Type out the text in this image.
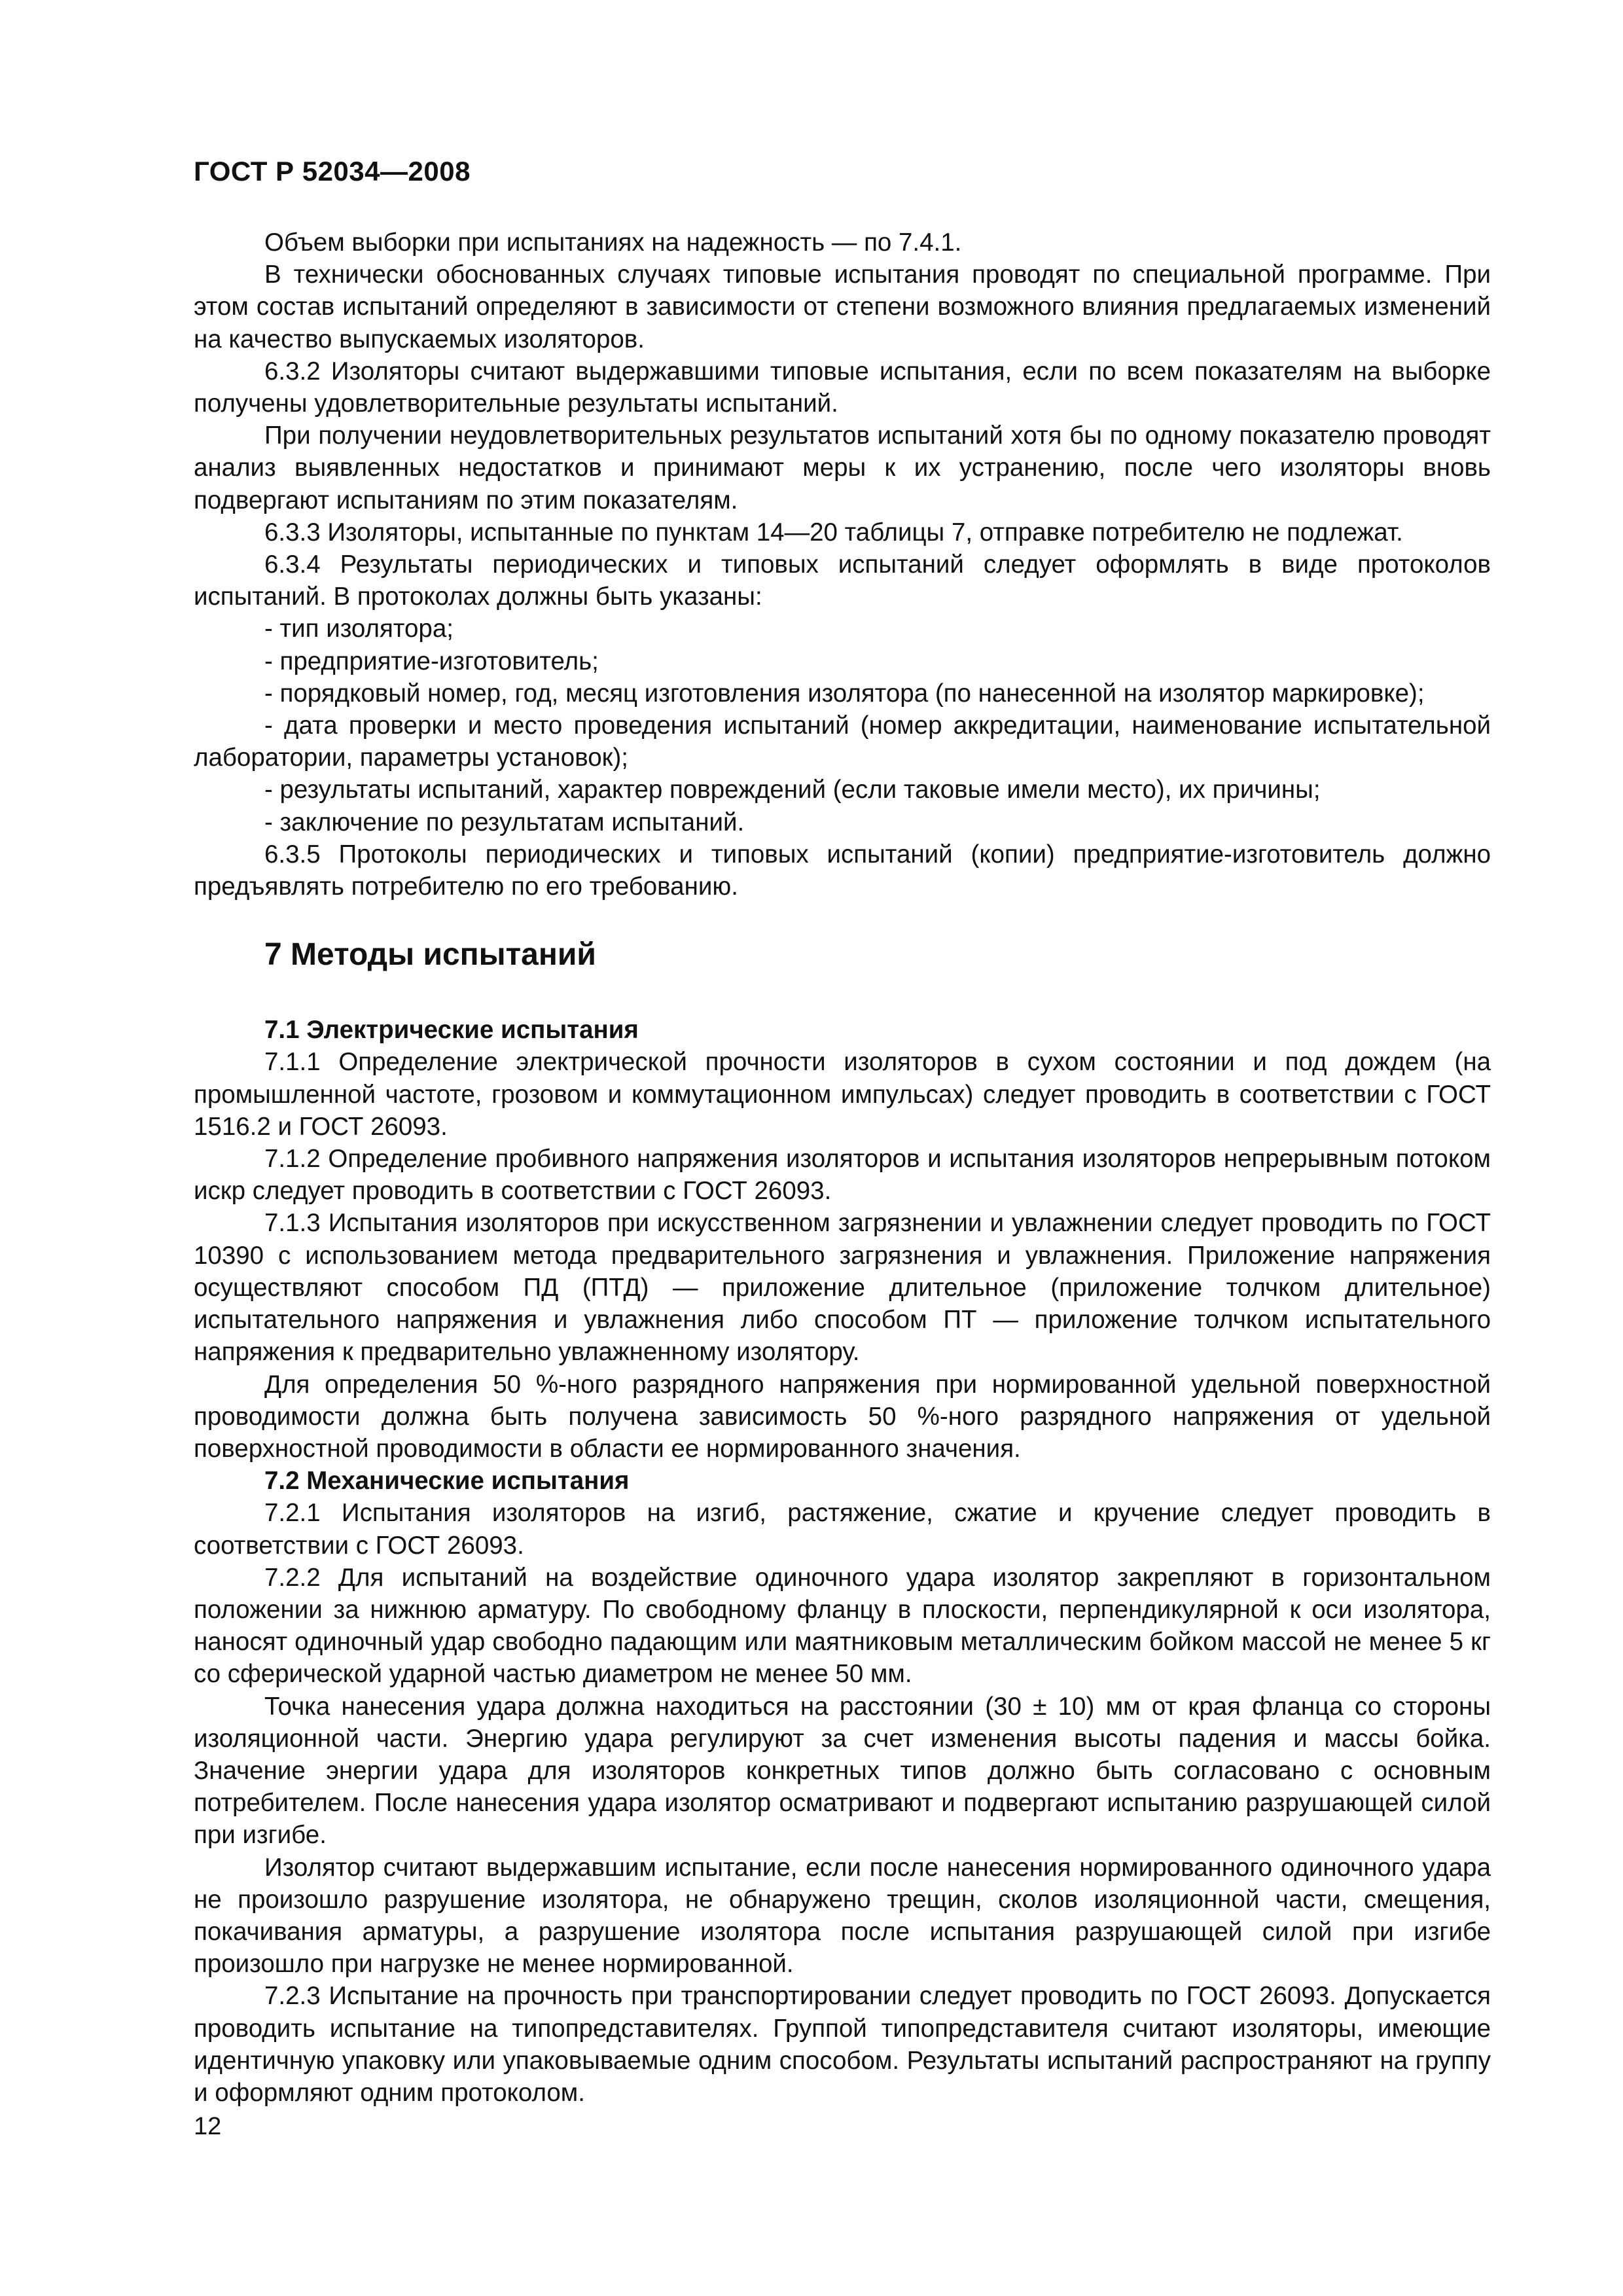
ГОСТ Р 52034—2008

Объем выборки при испытаниях на надежность — по 7.4.1.

В технически обоснованных случаях типовые испытания проводят по специальной программе. При этом состав испытаний определяют в зависимости от степени возможного влияния предлагаемых изменений на качество выпускаемых изоляторов.

6.3.2 Изоляторы считают выдержавшими типовые испытания, если по всем показателям на выборке получены удовлетворительные результаты испытаний.

При получении неудовлетворительных результатов испытаний хотя бы по одному показателю проводят анализ выявленных недостатков и принимают меры к их устранению, после чего изоляторы вновь подвергают испытаниям по этим показателям.

6.3.3 Изоляторы, испытанные по пунктам 14—20 таблицы 7, отправке потребителю не подлежат.

6.3.4 Результаты периодических и типовых испытаний следует оформлять в виде протоколов испытаний. В протоколах должны быть указаны:

- тип изолятора;

- предприятие-изготовитель;

- порядковый номер, год, месяц изготовления изолятора (по нанесенной на изолятор маркировке);

- дата проверки и место проведения испытаний (номер аккредитации, наименование испытательной лаборатории, параметры установок);

- результаты испытаний, характер повреждений (если таковые имели место), их причины;

- заключение по результатам испытаний.

6.3.5 Протоколы периодических и типовых испытаний (копии) предприятие-изготовитель должно предъявлять потребителю по его требованию.

7 Методы испытаний
7.1 Электрические испытания

7.1.1 Определение электрической прочности изоляторов в сухом состоянии и под дождем (на промышленной частоте, грозовом и коммутационном импульсах) следует проводить в соответствии с ГОСТ 1516.2 и ГОСТ 26093.

7.1.2 Определение пробивного напряжения изоляторов и испытания изоляторов непрерывным потоком искр следует проводить в соответствии с ГОСТ 26093.

7.1.3 Испытания изоляторов при искусственном загрязнении и увлажнении следует проводить по ГОСТ 10390 с использованием метода предварительного загрязнения и увлажнения. Приложение напряжения осуществляют способом ПД (ПТД) — приложение длительное (приложение толчком длительное) испытательного напряжения и увлажнения либо способом ПТ — приложение толчком испытательного напряжения к предварительно увлажненному изолятору.

Для определения 50 %-ного разрядного напряжения при нормированной удельной поверхностной проводимости должна быть получена зависимость 50 %-ного разрядного напряжения от удельной поверхностной проводимости в области ее нормированного значения.

7.2 Механические испытания

7.2.1 Испытания изоляторов на изгиб, растяжение, сжатие и кручение следует проводить в соответствии с ГОСТ 26093.

7.2.2 Для испытаний на воздействие одиночного удара изолятор закрепляют в горизонтальном положении за нижнюю арматуру. По свободному фланцу в плоскости, перпендикулярной к оси изолятора, наносят одиночный удар свободно падающим или маятниковым металлическим бойком массой не менее 5 кг со сферической ударной частью диаметром не менее 50 мм.

Точка нанесения удара должна находиться на расстоянии (30 ± 10) мм от края фланца со стороны изоляционной части. Энергию удара регулируют за счет изменения высоты падения и массы бойка. Значение энергии удара для изоляторов конкретных типов должно быть согласовано с основным потребителем. После нанесения удара изолятор осматривают и подвергают испытанию разрушающей силой при изгибе.

Изолятор считают выдержавшим испытание, если после нанесения нормированного одиночного удара не произошло разрушение изолятора, не обнаружено трещин, сколов изоляционной части, смещения, покачивания арматуры, а разрушение изолятора после испытания разрушающей силой при изгибе произошло при нагрузке не менее нормированной.

7.2.3 Испытание на прочность при транспортировании следует проводить по ГОСТ 26093. Допускается проводить испытание на типопредставителях. Группой типопредставителя считают изоляторы, имеющие идентичную упаковку или упаковываемые одним способом. Результаты испытаний распространяют на группу и оформляют одним протоколом.

12
